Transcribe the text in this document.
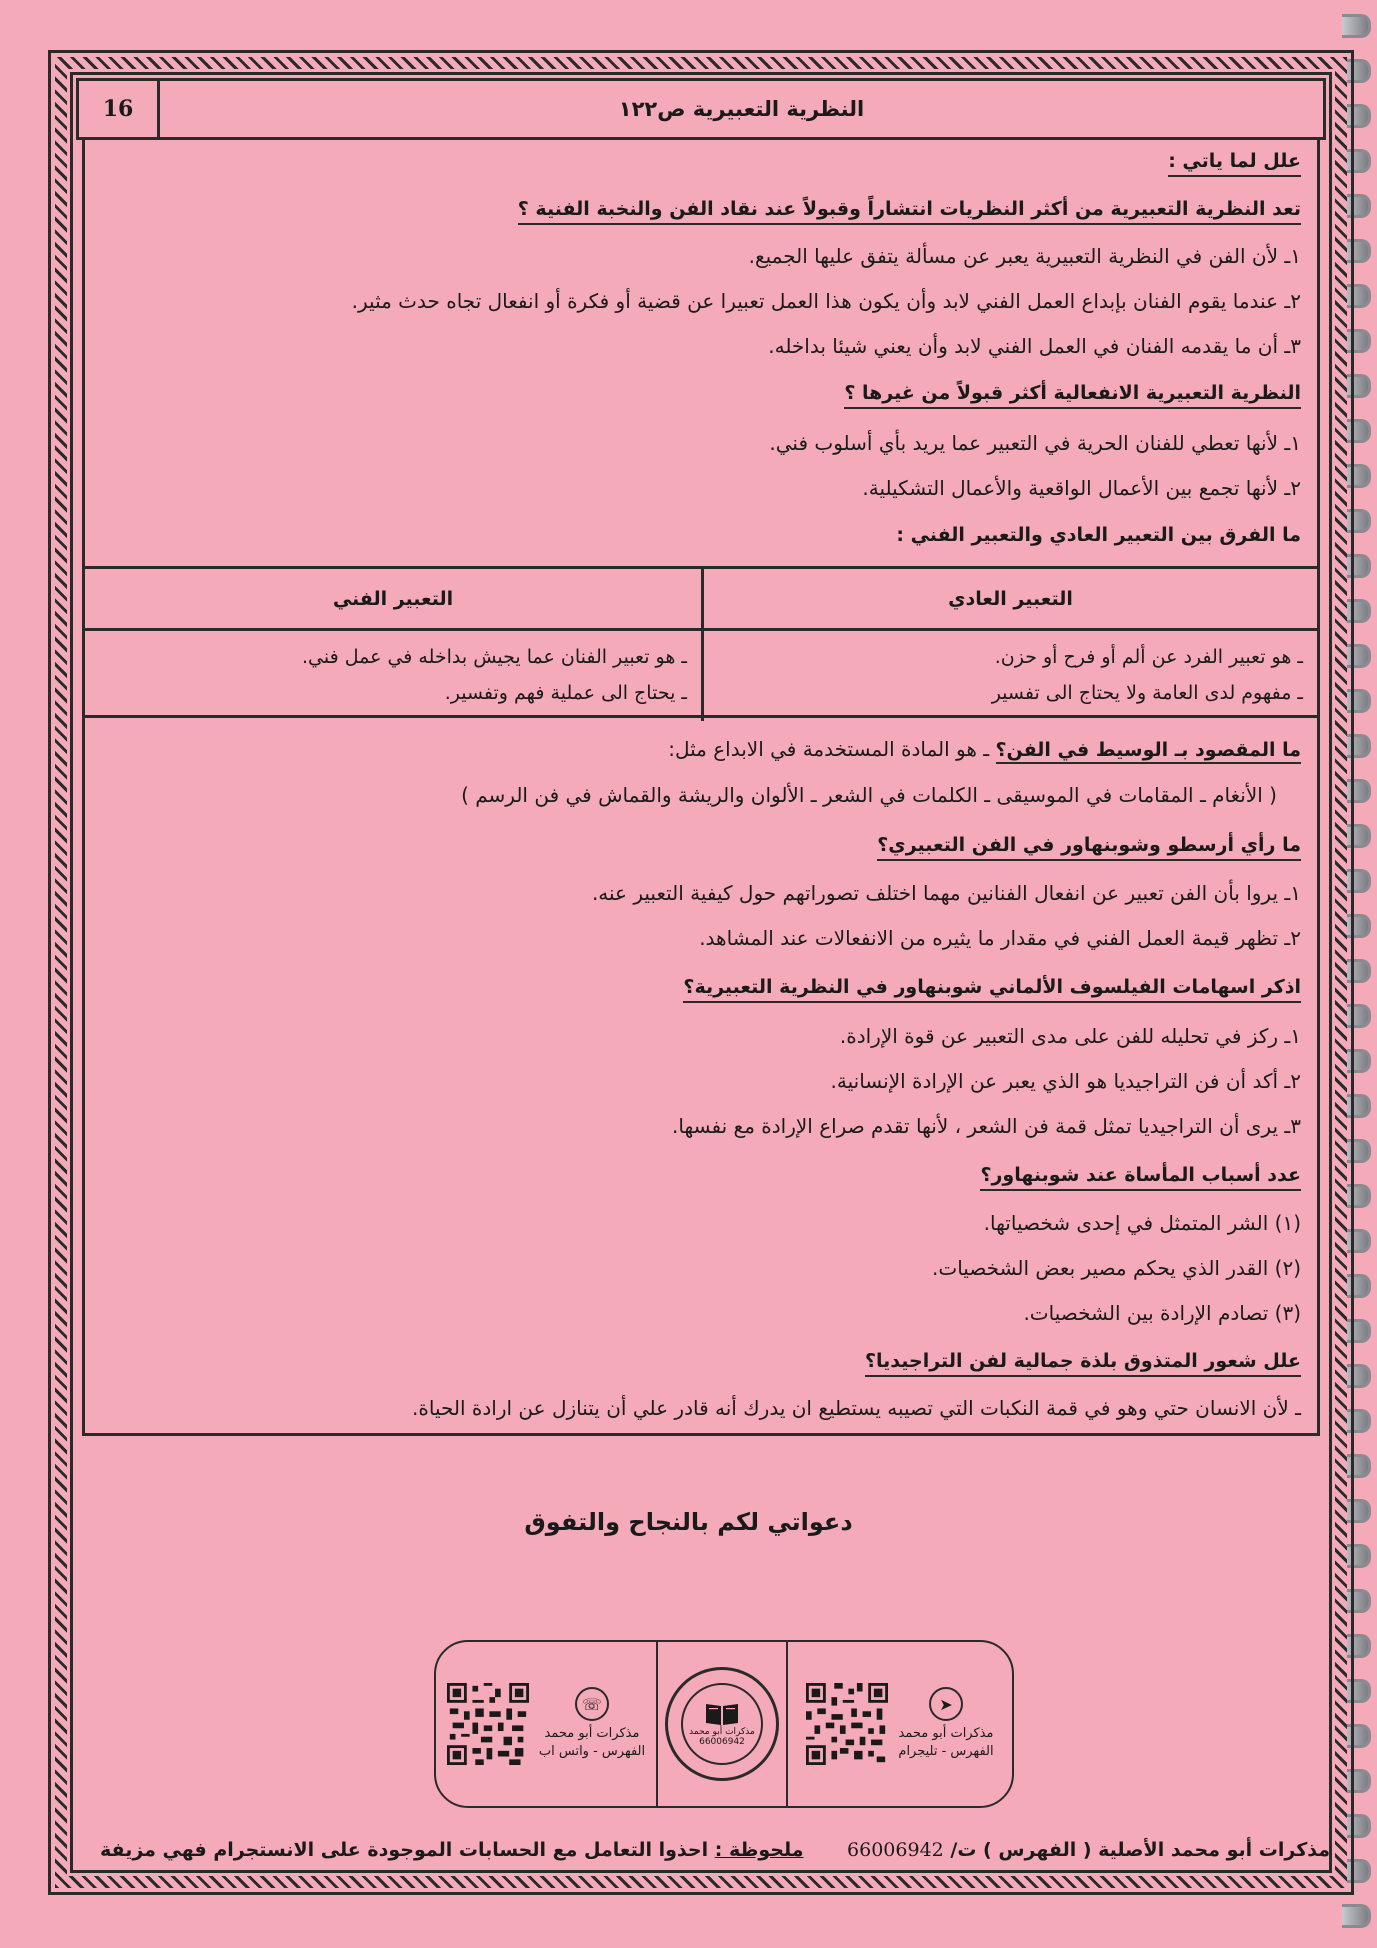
16	النظرية التعبيرية ص١٢٢
علل لما ياتي :
تعد النظرية التعبيرية من أكثر النظريات انتشاراً وقبولاً عند نقاد الفن والنخبة الفنية ؟
١ـ لأن الفن في النظرية التعبيرية يعبر عن مسألة يتفق عليها الجميع.
٢ـ عندما يقوم الفنان بإبداع العمل الفني لابد وأن يكون هذا العمل تعبيرا عن قضية أو فكرة أو انفعال تجاه حدث مثير.
٣ـ أن ما يقدمه الفنان في العمل الفني لابد وأن يعني شيئا بداخله.
النظرية التعبيرية الانفعالية أكثر قبولاً من غيرها ؟
١ـ لأنها تعطي للفنان الحرية في التعبير عما يريد بأي أسلوب فني.
٢ـ لأنها تجمع بين الأعمال الواقعية والأعمال التشكيلية.
ما الفرق بين التعبير العادي والتعبير الفني :
التعبير العادي
التعبير الفني

ـ هو تعبير الفرد عن ألم أو فرح أو حزن.

ـ مفهوم لدى العامة ولا يحتاج الى تفسير

ـ هو تعبير الفنان عما يجيش بداخله في عمل فني.

ـ يحتاج الى عملية فهم وتفسير.

ما المقصود بـ الوسيط في الفن؟ ـ هو المادة المستخدمة في الابداع مثل:
( الأنغام ـ المقامات في الموسيقى ـ الكلمات في الشعر ـ الألوان والريشة والقماش في فن الرسم )
ما رأي أرسطو وشوبنهاور في الفن التعبيري؟
١ـ يروا بأن الفن تعبير عن انفعال الفنانين مهما اختلف تصوراتهم حول كيفية التعبير عنه.
٢ـ تظهر قيمة العمل الفني في مقدار ما يثيره من الانفعالات عند المشاهد.
اذكر اسهامات الفيلسوف الألماني شوبنهاور في النظرية التعبيرية؟
١ـ ركز في تحليله للفن على مدى التعبير عن قوة الإرادة.
٢ـ أكد أن فن التراجيديا هو الذي يعبر عن الإرادة الإنسانية.
٣ـ يرى أن التراجيديا تمثل قمة فن الشعر ، لأنها تقدم صراع الإرادة مع نفسها.
عدد أسباب المأساة عند شوبنهاور؟
(١) الشر المتمثل في إحدى شخصياتها.
(٢) القدر الذي يحكم مصير بعض الشخصيات.
(٣) تصادم الإرادة بين الشخصيات.
علل شعور المتذوق بلذة جمالية لفن التراجيديا؟
ـ لأن الانسان حتي وهو في قمة النكبات التي تصيبه يستطيع ان يدرك أنه قادر علي أن يتنازل عن ارادة الحياة.
دعواتي لكم بالنجاح والتفوق
☏
مذكرات أبو محمد
الفهرس - واتس اب
مذكرات أبو محمد
66006942
➤
مذكرات أبو محمد
الفهرس - تليجرام
مذكرات أبو محمد الأصلية ( الفهرس ) ت/ 66006942
ملحوظة : احذوا التعامل مع الحسابات الموجودة على الانستجرام فهي مزيفة
